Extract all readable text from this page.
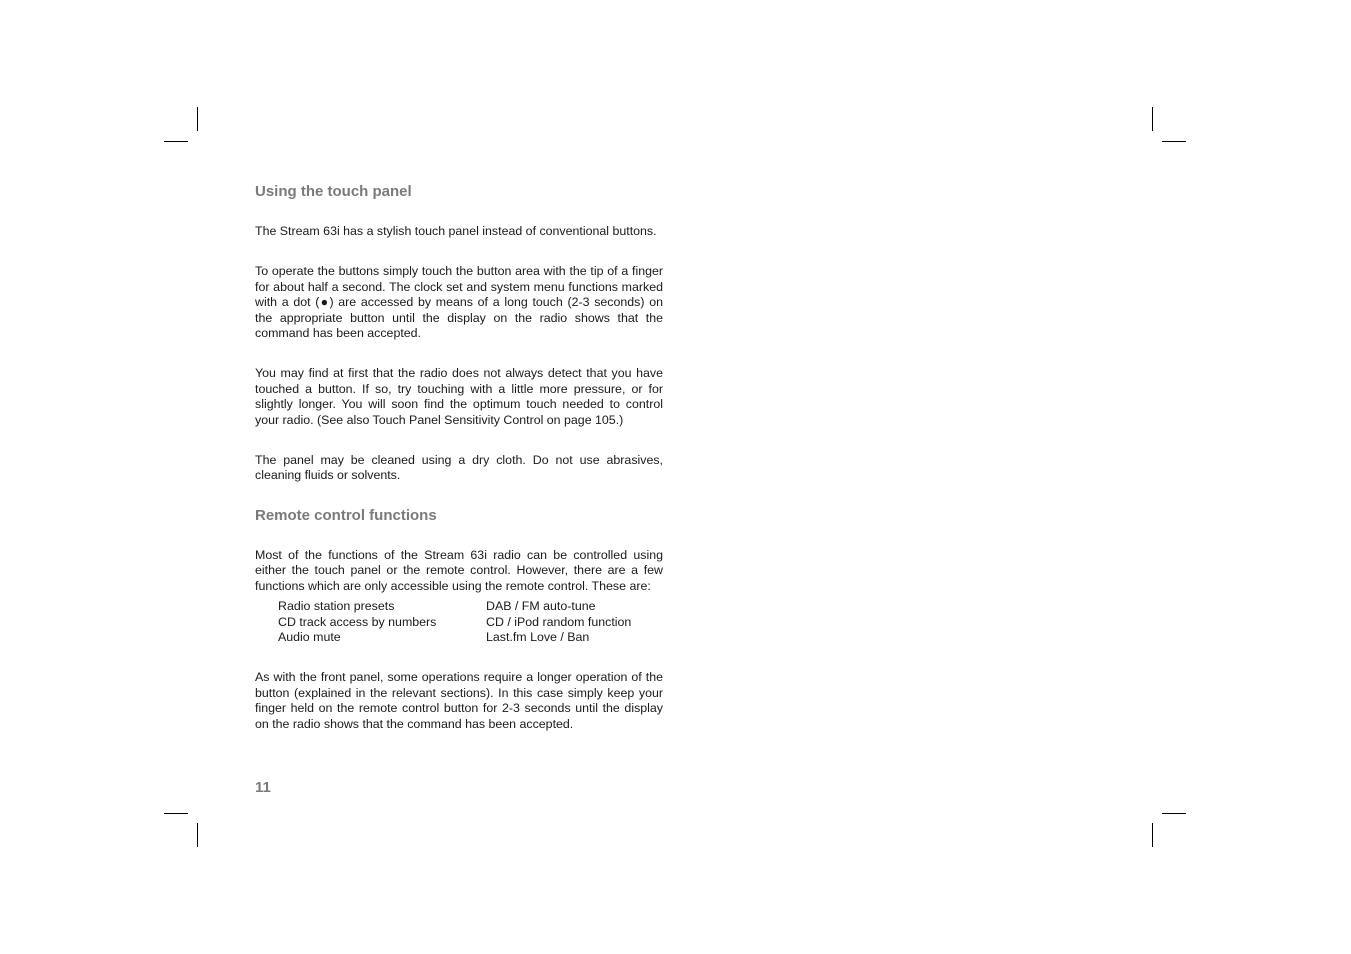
Using the touch panel

The Stream 63i has a stylish touch panel instead of conventional buttons.

To operate the buttons simply touch the button area with the tip of a finger for about half a second. The clock set and system menu functions marked with a dot (●) are accessed by means of a long touch (2-3 seconds) on the appropriate button until the display on the radio shows that the command has been accepted.

You may find at first that the radio does not always detect that you have touched a button. If so, try touching with a little more pressure, or for slightly longer. You will soon find the optimum touch needed to control your radio. (See also Touch Panel Sensitivity Control on page 105.)

The panel may be cleaned using a dry cloth. Do not use abrasives, cleaning fluids or solvents.

Remote control functions

Most of the functions of the Stream 63i radio can be controlled using either the touch panel or the remote control. However, there are a few functions which are only accessible using the remote control. These are:

Radio station presets	DAB / FM auto-tune
CD track access by numbers	CD / iPod random function
Audio mute	Last.fm Love / Ban

As with the front panel, some operations require a longer operation of the button (explained in the relevant sections). In this case simply keep your finger held on the remote control button for 2-3 seconds until the display on the radio shows that the command has been accepted.

11
